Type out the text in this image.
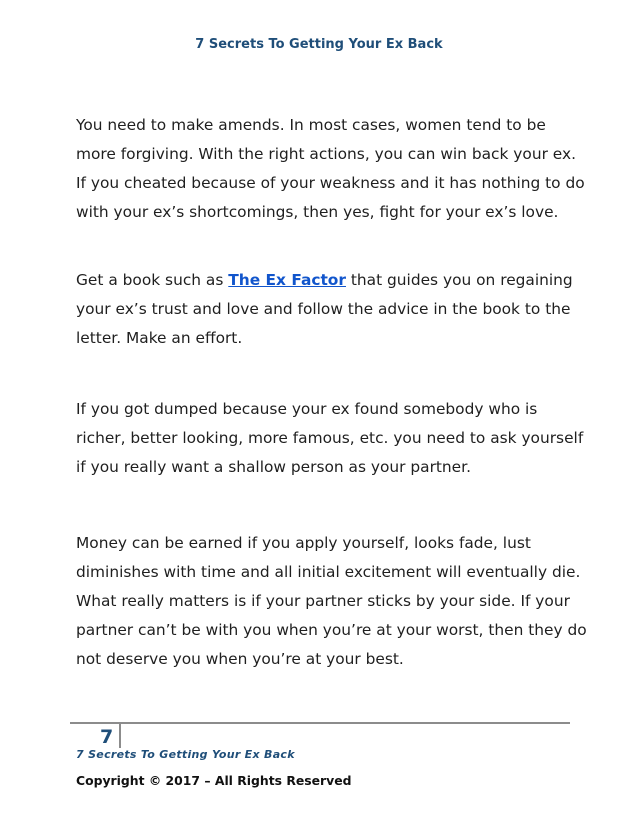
7 Secrets To Getting Your Ex Back

You need to make amends. In most cases, women tend to be
more forgiving. With the right actions, you can win back your ex.
If you cheated because of your weakness and it has nothing to do
with your ex’s shortcomings, then yes, fight for your ex’s love.

Get a book such as The Ex Factor that guides you on regaining
your ex’s trust and love and follow the advice in the book to the
letter. Make an effort.

If you got dumped because your ex found somebody who is
richer, better looking, more famous, etc. you need to ask yourself
if you really want a shallow person as your partner.

Money can be earned if you apply yourself, looks fade, lust
diminishes with time and all initial excitement will eventually die.
What really matters is if your partner sticks by your side. If your
partner can’t be with you when you’re at your worst, then they do
not deserve you when you’re at your best.

7
7 Secrets To Getting Your Ex Back
Copyright © 2017 – All Rights Reserved
